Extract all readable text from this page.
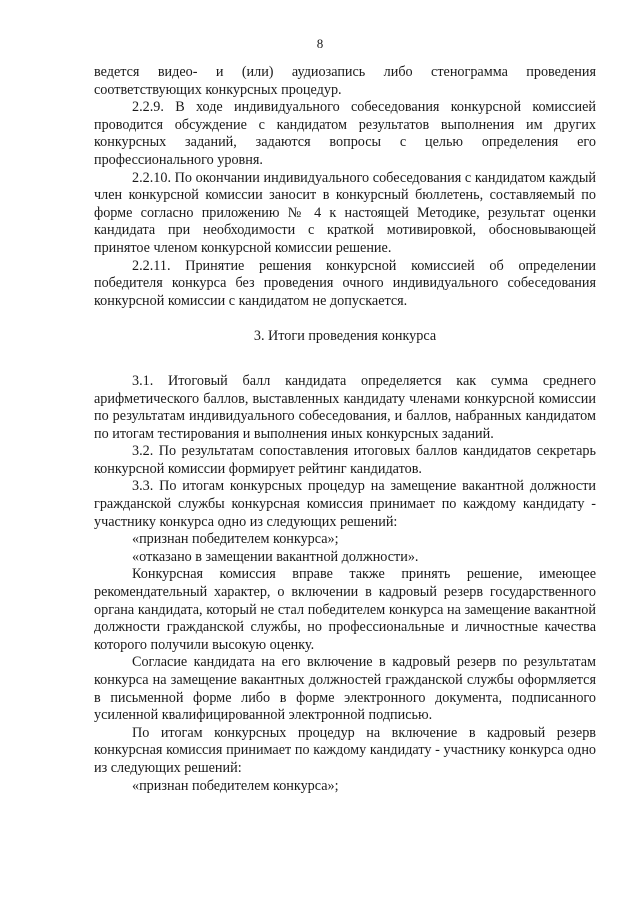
8

ведется видео- и (или) аудиозапись либо стенограмма проведения соответствующих конкурсных процедур.

2.2.9. В ходе индивидуального собеседования конкурсной комиссией проводится обсуждение с кандидатом результатов выполнения им других конкурсных заданий, задаются вопросы с целью определения его профессионального уровня.

2.2.10. По окончании индивидуального собеседования с кандидатом каждый член конкурсной комиссии заносит в конкурсный бюллетень, составляемый по форме согласно приложению № 4 к настоящей Методике, результат оценки кандидата при необходимости с краткой мотивировкой, обосновывающей принятое членом конкурсной комиссии решение.

2.2.11. Принятие решения конкурсной комиссией об определении победителя конкурса без проведения очного индивидуального собеседования конкурсной комиссии с кандидатом не допускается.

3. Итоги проведения конкурса

3.1. Итоговый балл кандидата определяется как сумма среднего арифметического баллов, выставленных кандидату членами конкурсной комиссии по результатам индивидуального собеседования, и баллов, набранных кандидатом по итогам тестирования и выполнения иных конкурсных заданий.

3.2. По результатам сопоставления итоговых баллов кандидатов секретарь конкурсной комиссии формирует рейтинг кандидатов.

3.3. По итогам конкурсных процедур на замещение вакантной должности гражданской службы конкурсная комиссия принимает по каждому кандидату - участнику конкурса одно из следующих решений:

«признан победителем конкурса»;

«отказано в замещении вакантной должности».

Конкурсная комиссия вправе также принять решение, имеющее рекомендательный характер, о включении в кадровый резерв государственного органа кандидата, который не стал победителем конкурса на замещение вакантной должности гражданской службы, но профессиональные и личностные качества которого получили высокую оценку.

Согласие кандидата на его включение в кадровый резерв по результатам конкурса на замещение вакантных должностей гражданской службы оформляется в письменной форме либо в форме электронного документа, подписанного усиленной квалифицированной электронной подписью.

По итогам конкурсных процедур на включение в кадровый резерв конкурсная комиссия принимает по каждому кандидату - участнику конкурса одно из следующих решений:

«признан победителем конкурса»;
